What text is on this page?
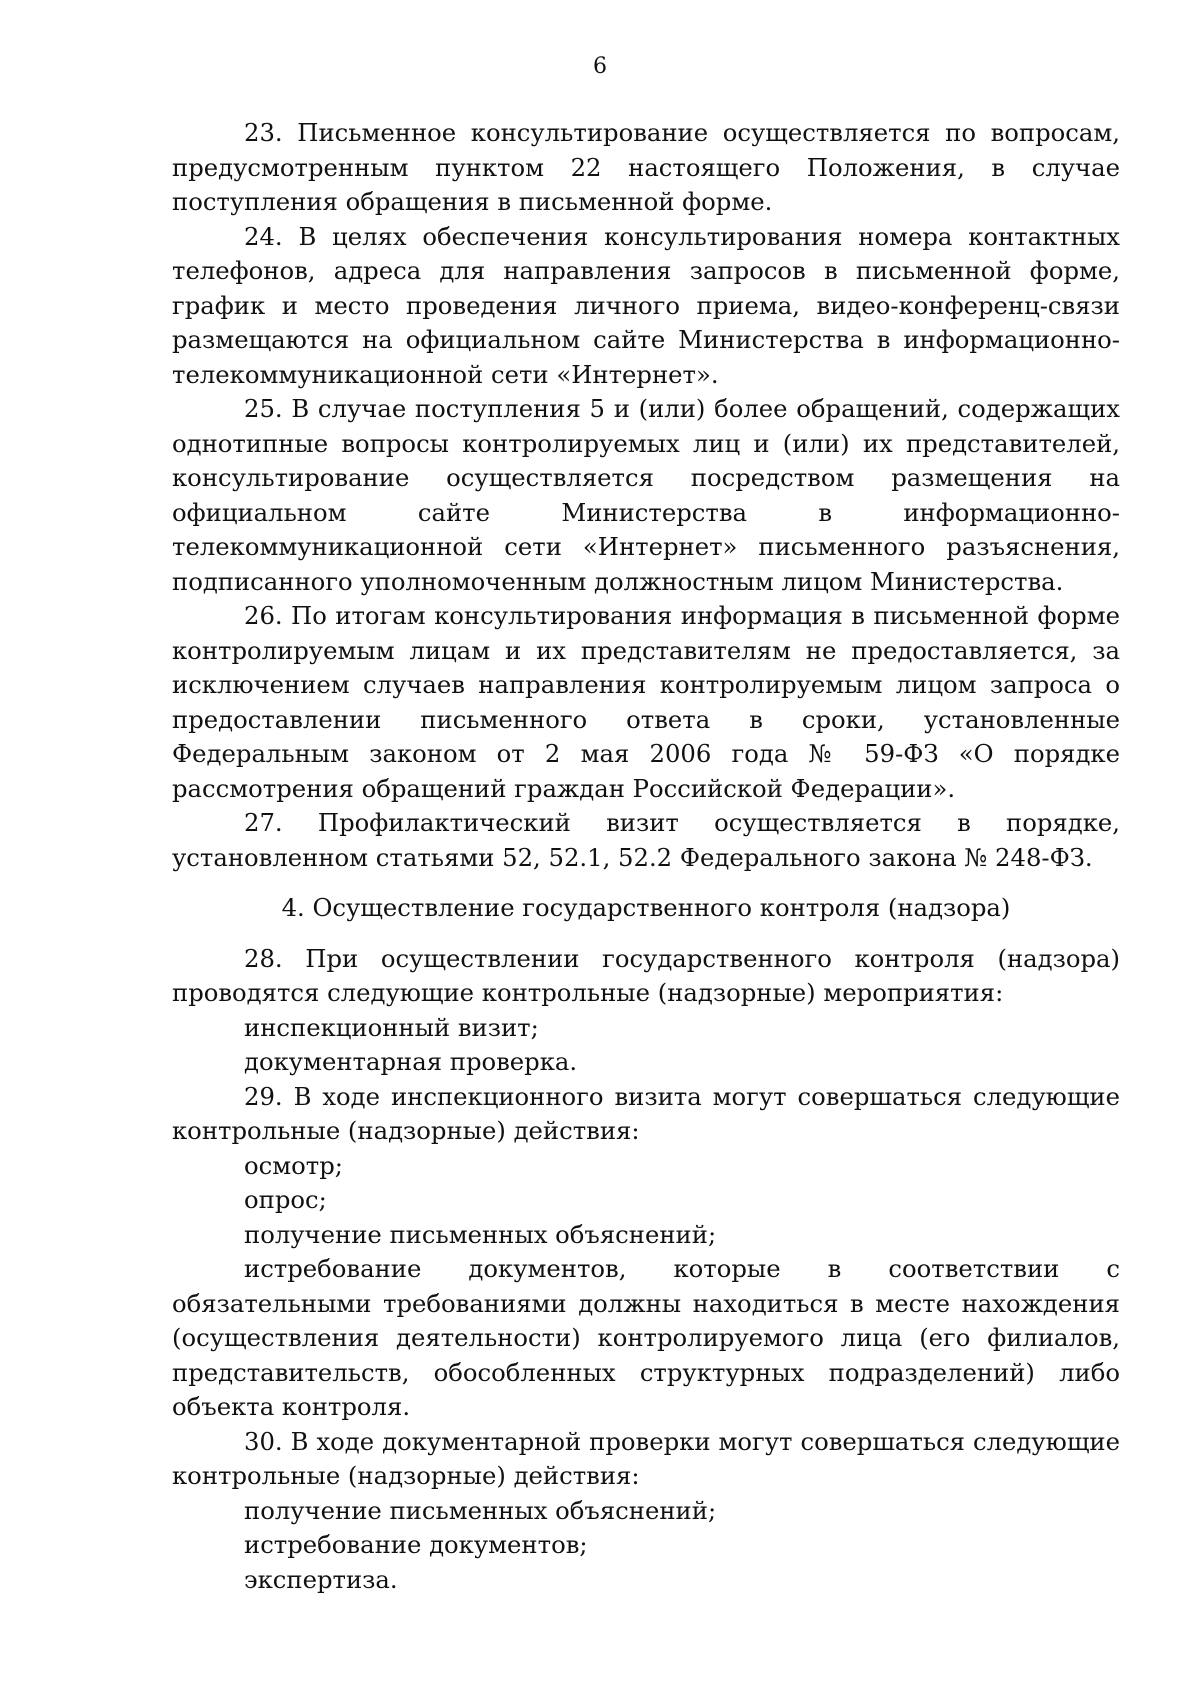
6

23. Письменное консультирование осуществляется по вопросам, предусмотренным пунктом 22 настоящего Положения, в случае поступления обращения в письменной форме.

24. В целях обеспечения консультирования номера контактных телефонов, адреса для направления запросов в письменной форме, график и место проведения личного приема, видео-конференц-связи размещаются на официальном сайте Министерства в информационно-телекоммуникационной сети «Интернет».

25. В случае поступления 5 и (или) более обращений, содержащих однотипные вопросы контролируемых лиц и (или) их представителей, консультирование осуществляется посредством размещения на официальном сайте Министерства в информационно-телекоммуникационной сети «Интернет» письменного разъяснения, подписанного уполномоченным должностным лицом Министерства.

26. По итогам консультирования информация в письменной форме контролируемым лицам и их представителям не предоставляется, за исключением случаев направления контролируемым лицом запроса о предоставлении письменного ответа в сроки, установленные Федеральным законом от 2 мая 2006 года № 59-ФЗ «О порядке рассмотрения обращений граждан Российской Федерации».

27. Профилактический визит осуществляется в порядке, установленном статьями 52, 52.1, 52.2 Федерального закона № 248-ФЗ.

4. Осуществление государственного контроля (надзора)

28. При осуществлении государственного контроля (надзора) проводятся следующие контрольные (надзорные) мероприятия:

инспекционный визит;

документарная проверка.

29. В ходе инспекционного визита могут совершаться следующие контрольные (надзорные) действия:

осмотр;

опрос;

получение письменных объяснений;

истребование документов, которые в соответствии с обязательными требованиями должны находиться в месте нахождения (осуществления деятельности) контролируемого лица (его филиалов, представительств, обособленных структурных подразделений) либо объекта контроля.

30. В ходе документарной проверки могут совершаться следующие контрольные (надзорные) действия:

получение письменных объяснений;

истребование документов;

экспертиза.
